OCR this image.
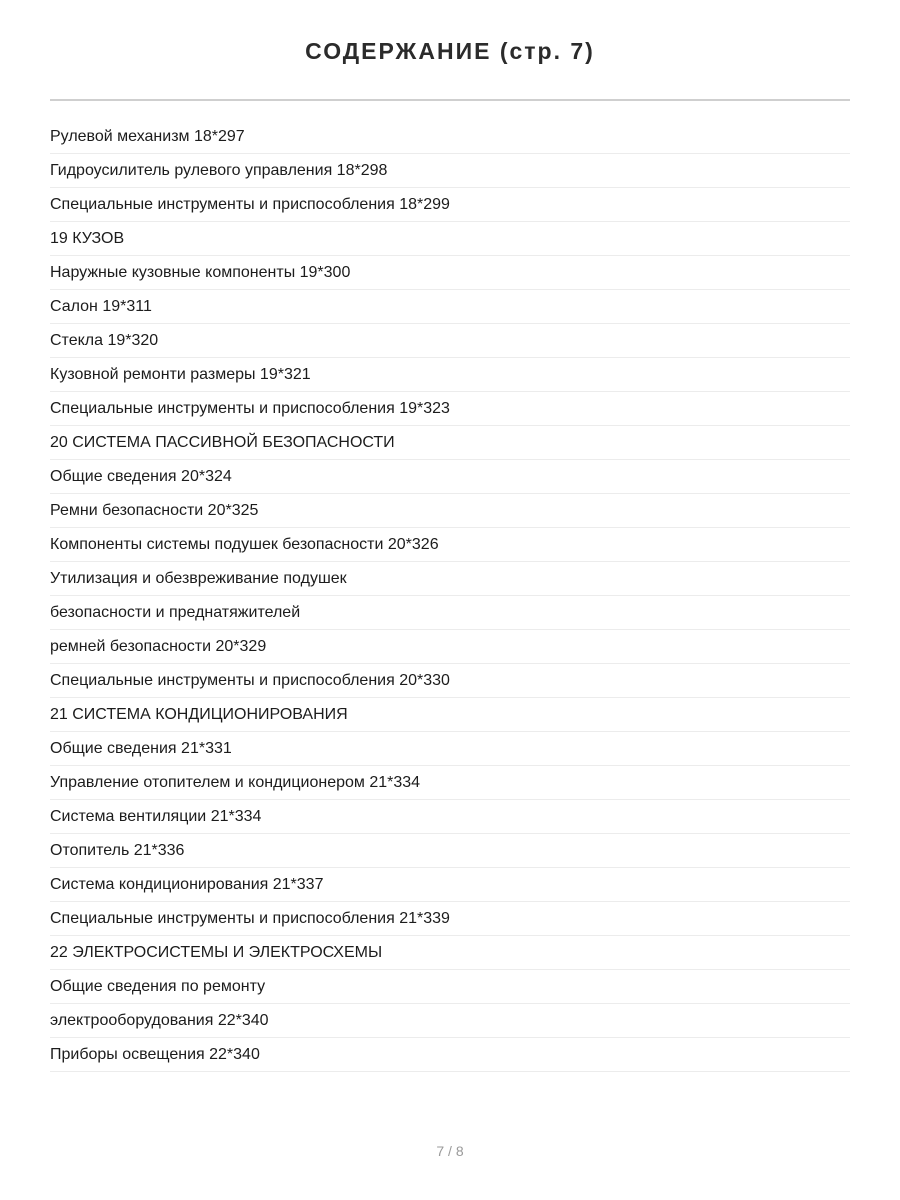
СОДЕРЖАНИЕ (стр. 7)
Рулевой механизм 18*297
Гидроусилитель рулевого управления 18*298
Специальные инструменты и приспособления 18*299
19 КУЗОВ
Наружные кузовные компоненты 19*300
Салон 19*311
Стекла 19*320
Кузовной ремонти размеры 19*321
Специальные инструменты и приспособления 19*323
20 СИСТЕМА ПАССИВНОЙ БЕЗОПАСНОСТИ
Общие сведения 20*324
Ремни безопасности 20*325
Компоненты системы подушек безопасности 20*326
Утилизация и обезвреживание подушек
безопасности и преднатяжителей
ремней безопасности 20*329
Специальные инструменты и приспособления 20*330
21 СИСТЕМА КОНДИЦИОНИРОВАНИЯ
Общие сведения 21*331
Управление отопителем и кондиционером 21*334
Система вентиляции 21*334
Отопитель 21*336
Система кондиционирования 21*337
Специальные инструменты и приспособления 21*339
22 ЭЛЕКТРОСИСТЕМЫ И ЭЛЕКТРОСХЕМЫ
Общие сведения по ремонту
электрооборудования 22*340
Приборы освещения 22*340
7 / 8
